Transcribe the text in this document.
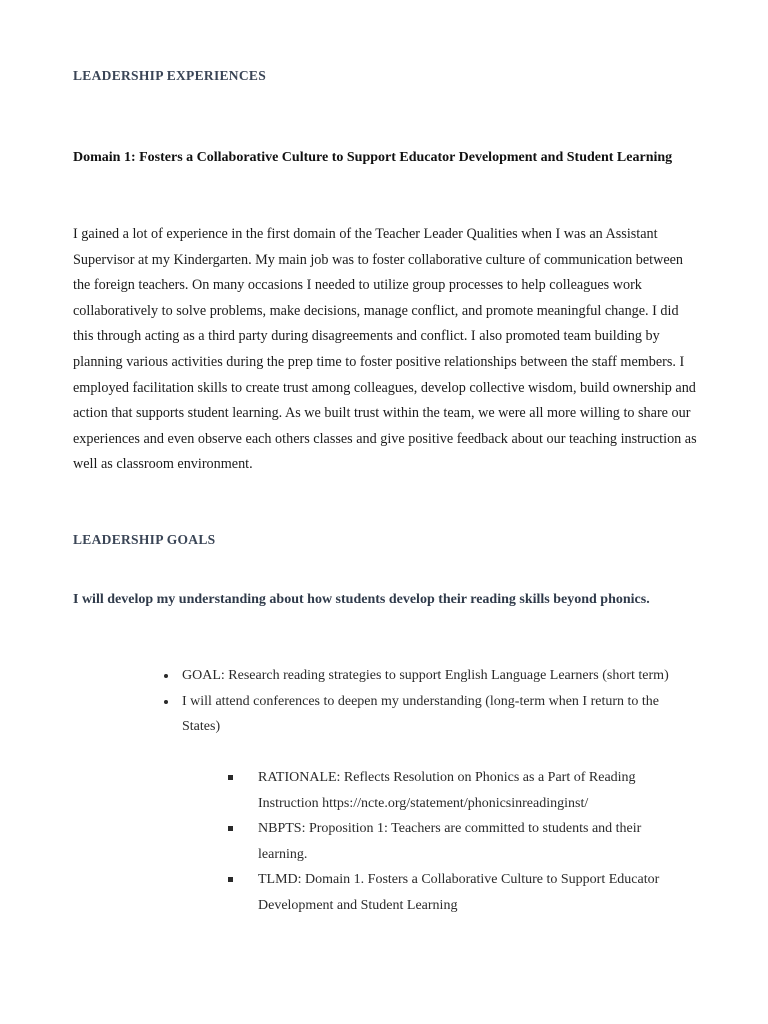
LEADERSHIP EXPERIENCES
Domain 1: Fosters a Collaborative Culture to Support Educator Development and Student Learning
I gained a lot of experience in the first domain of the Teacher Leader Qualities when I was an Assistant Supervisor at my Kindergarten. My main job was to foster collaborative culture of communication between the foreign teachers. On many occasions I needed to utilize group processes to help colleagues work collaboratively to solve problems, make decisions, manage conflict, and promote meaningful change. I did this through acting as a third party during disagreements and conflict. I also promoted team building by planning various activities during the prep time to foster positive relationships between the staff members. I employed facilitation skills to create trust among colleagues, develop collective wisdom, build ownership and action that supports student learning. As we built trust within the team, we were all more willing to share our experiences and even observe each others classes and give positive feedback about our teaching instruction as well as classroom environment.
LEADERSHIP GOALS
I will develop my understanding about how students develop their reading skills beyond phonics.
GOAL: Research reading strategies to support English Language Learners (short term)
I will attend conferences to deepen my understanding (long-term when I return to the States)
RATIONALE: Reflects Resolution on Phonics as a Part of Reading Instruction https://ncte.org/statement/phonicsinreadinginst/
NBPTS: Proposition 1: Teachers are committed to students and their learning.
TLMD: Domain 1. Fosters a Collaborative Culture to Support Educator Development and Student Learning
